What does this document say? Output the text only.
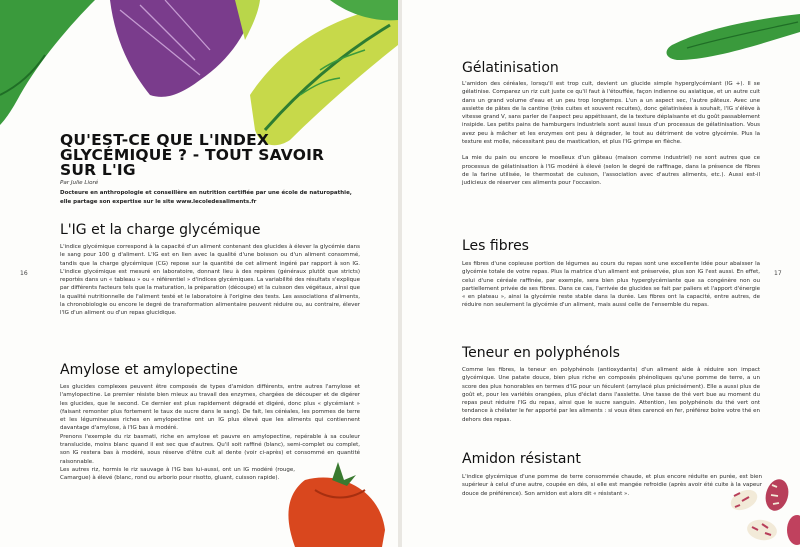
16
QU'EST-CE QUE L'INDEX GLYCÉMIQUE ? - TOUT SAVOIR SUR L'IG

Par Julie Lioré

Docteure en anthropologie et conseillère en nutrition certifiée par une école de naturopathie, elle partage son expertise sur le site www.lecoledesaliments.fr

L'IG et la charge glycémique

L'indice glycémique correspond à la capacité d'un aliment contenant des glucides à élever la glycémie dans le sang pour 100 g d'aliment. L'IG est en lien avec la qualité d'une boisson ou d'un aliment consommé, tandis que la charge glycémique (CG) repose sur la quantité de cet aliment ingéré par rapport à son IG. L'indice glycémique est mesuré en laboratoire, donnant lieu à des repères (généraux plutôt que stricts) reportés dans un « tableau » ou « référentiel » d'indices glycémiques. La variabilité des résultats s'explique par différents facteurs tels que la maturation, la préparation (découpe) et la cuisson des végétaux, ainsi que la qualité nutritionnelle de l'aliment testé et le laboratoire à l'origine des tests. Les associations d'aliments, la chronobiologie ou encore le degré de transformation alimentaire peuvent réduire ou, au contraire, élever l'IG d'un aliment ou d'un repas glucidique.

Amylose et amylopectine

Les glucides complexes peuvent être composés de types d'amidon différents, entre autres l'amylose et l'amylopectine. Le premier résiste bien mieux au travail des enzymes, chargées de découper et de digérer les glucides, que le second. Ce dernier est plus rapidement dégradé et digéré, donc plus « glycémiant » (faisant remonter plus fortement le taux de sucre dans le sang). De fait, les céréales, les pommes de terre et les légumineuses riches en amylopectine ont un IG plus élevé que les aliments qui contiennent davantage d'amylose, à l'IG bas à modéré.

Prenons l'exemple du riz basmati, riche en amylose et pauvre en amylopectine, repérable à sa couleur translucide, moins blanc quand il est sec que d'autres. Qu'il soit raffiné (blanc), semi-complet ou complet, son IG restera bas à modéré, sous réserve d'être cuit al dente (voir ci-après) et consommé en quantité raisonnable.

Les autres riz, hormis le riz sauvage à l'IG bas lui-aussi, ont un IG modéré (rouge, Camargue) à élevé (blanc, rond ou arborio pour risotto, gluant, cuisson rapide).

Gélatinisation

L'amidon des céréales, lorsqu'il est trop cuit, devient un glucide simple hyperglycémiant (IG +). Il se gélatinise. Comparez un riz cuit juste ce qu'il faut à l'étouffée, façon indienne ou asiatique, et un autre cuit dans un grand volume d'eau et un peu trop longtemps. L'un a un aspect sec, l'autre pâteux. Avec une assiette de pâtes de la cantine (très cuites et souvent recuites), donc gélatinisées à souhait, l'IG s'élève à vitesse grand V, sans parler de l'aspect peu appétissant, de la texture déplaisante et du goût passablement insipide. Les petits pains de hamburgers industriels sont aussi issus d'un processus de gélatinisation. Vous avez peu à mâcher et les enzymes ont peu à dégrader, le tout au détriment de votre glycémie. Plus la texture est molle, nécessitant peu de mastication, et plus l'IG grimpe en flèche.

La mie du pain ou encore le moelleux d'un gâteau (maison comme industriel) ne sont autres que ce processus de gélatinisation à l'IG modéré à élevé (selon le degré de raffinage, dans la présence de fibres de la farine utilisée, le thermostat de cuisson, l'association avec d'autres aliments, etc.). Aussi est-il judicieux de réserver ces aliments pour l'occasion.

Les fibres

Les fibres d'une copieuse portion de légumes au cours du repas sont une excellente idée pour abaisser la glycémie totale de votre repas. Plus la matrice d'un aliment est préservée, plus son IG l'est aussi. En effet, celui d'une céréale raffinée, par exemple, sera bien plus hyperglycémiante que sa congénère non ou partiellement privée de ses fibres. Dans ce cas, l'arrivée de glucides se fait par paliers et l'apport d'énergie « en plateau », ainsi la glycémie reste stable dans la durée. Les fibres ont la capacité, entre autres, de réduire non seulement la glycémie d'un aliment, mais aussi celle de l'ensemble du repas.

Teneur en polyphénols

Comme les fibres, la teneur en polyphénols (antioxydants) d'un aliment aide à réduire son impact glycémique. Une patate douce, bien plus riche en composés phénoliques qu'une pomme de terre, a un score des plus honorables en termes d'IG pour un féculent (amylacé plus précisément). Elle a aussi plus de goût et, pour les variétés orangées, plus d'éclat dans l'assiette. Une tasse de thé vert bue au moment du repas peut réduire l'IG du repas, ainsi que le sucre sanguin. Attention, les polyphénols du thé vert ont tendance à chélater le fer apporté par les aliments : si vous êtes carencé en fer, préférez boire votre thé en dehors des repas.

Amidon résistant

L'indice glycémique d'une pomme de terre consommée chaude, et plus encore réduite en purée, est bien supérieur à celui d'une autre, coupée en dés, si elle est mangée refroidie (après avoir été cuite à la vapeur douce de préférence). Son amidon est alors dit « résistant ».

17
